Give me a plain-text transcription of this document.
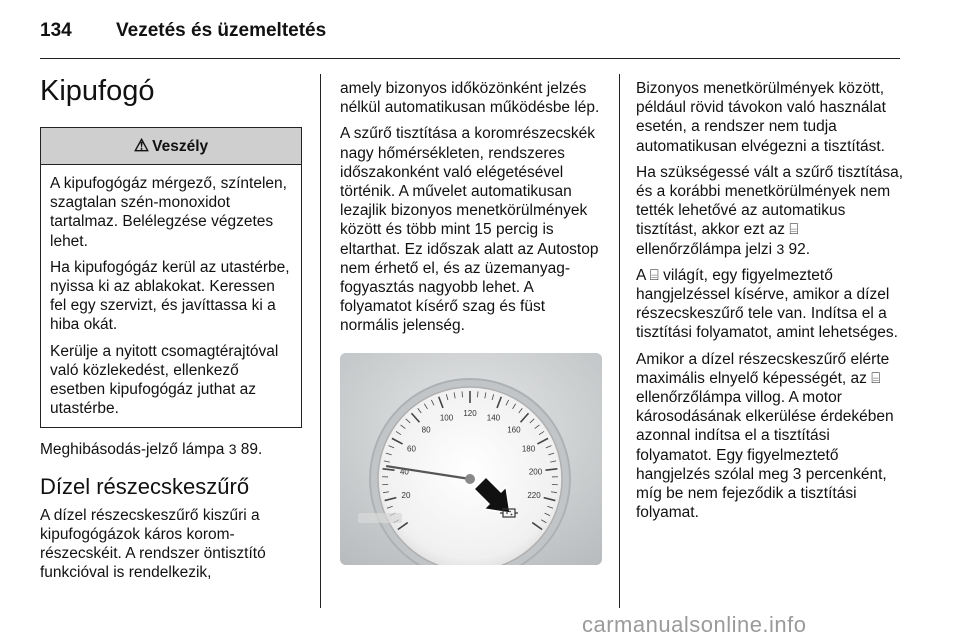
134 Vezetés és üzemeltetés
Kipufogó
⚠ Veszély

A kipufogógáz mérgező, színtelen, szagtalan szén-monoxidot tartalmaz. Belélegzése végzetes lehet.

Ha kipufogógáz kerül az utastérbe, nyissa ki az ablakokat. Keressen fel egy szervizt, és javíttassa ki a hiba okát.

Kerülje a nyitott csomagtérajtóval való közlekedést, ellenkező esetben kipufogógáz juthat az utastérbe.

Meghibásodás-jelző lámpa 3 89.

Dízel részecskeszűrő

A dízel részecskeszűrő kiszűri a kipufogógázok káros koromrészecskéit. A rendszer öntisztító funkcióval is rendelkezik,

amely bizonyos időközönként jelzés nélkül automatikusan működésbe lép.

A szűrő tisztítása a koromrészecskék nagy hőmérsékleten, rendszeres időszakonként való elégetésével történik. A művelet automatikusan lezajlik bizonyos menetkörülmények között és több mint 15 percig is eltarthat. Ez időszak alatt az Autostop nem érhető el, és az üzemanyag-fogyasztás nagyobb lehet. A folyamatot kísérő szag és füst normális jelenség.

20
40
60
80
100 120 140
160
180
200
220

Bizonyos menetkörülmények között, például rövid távokon való használat esetén, a rendszer nem tudja automatikusan elvégezni a tisztítást.

Ha szükségessé vált a szűrő tisztítása, és a korábbi menetkörülmények nem tették lehetővé az automatikus tisztítást, akkor ezt az ⌸ ellenőrzőlámpa jelzi 3 92.

A ⌸ világít, egy figyelmeztető hangjelzéssel kísérve, amikor a dízel részecskeszűrő tele van. Indítsa el a tisztítási folyamatot, amint lehetséges.

Amikor a dízel részecskeszűrő elérte maximális elnyelő képességét, az ⌸ ellenőrzőlámpa villog. A motor károsodásának elkerülése érdekében azonnal indítsa el a tisztítási folyamatot. Egy figyelmeztető hangjelzés szólal meg 3 percenként, míg be nem fejeződik a tisztítási folyamat.

carmanualsonline.info
